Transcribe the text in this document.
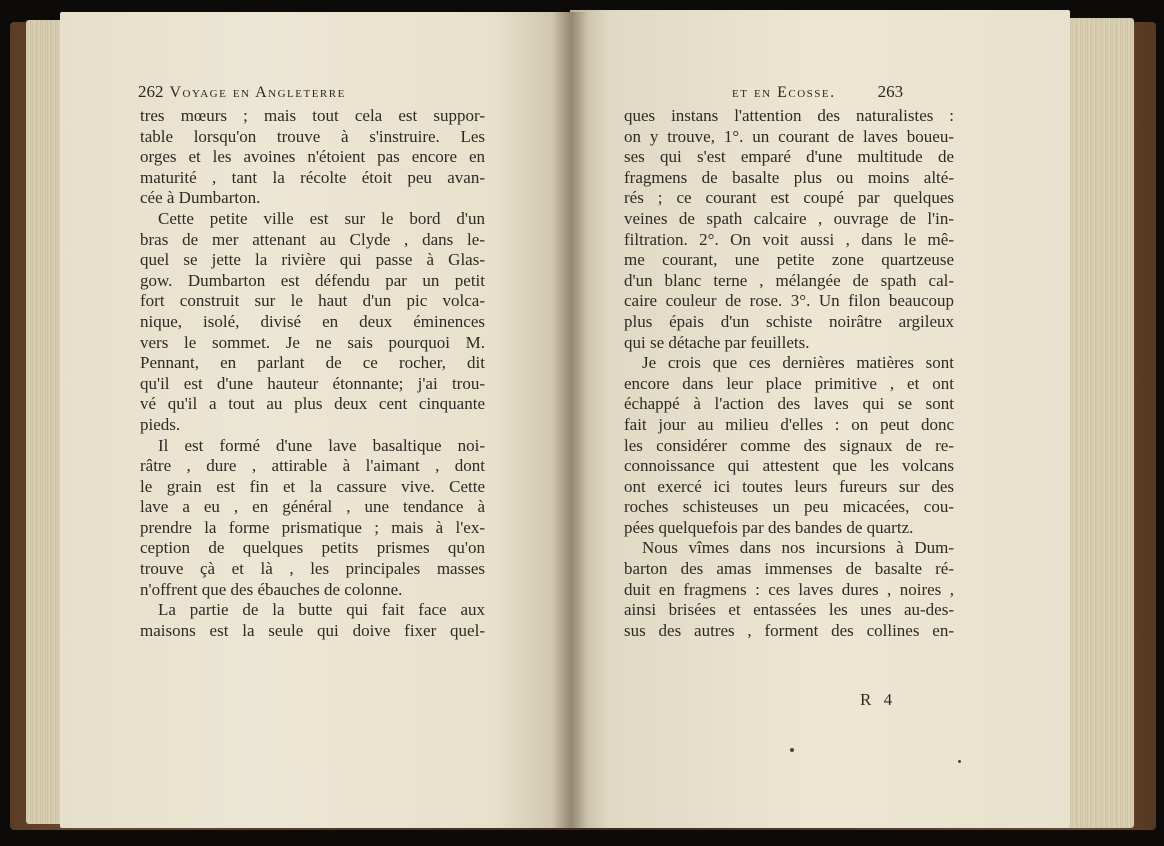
262 Voyage en Angleterre	et en Ecosse. 263
tres mœurs ; mais tout cela est suppor-
table lorsqu'on trouve à s'instruire. Les
orges et les avoines n'étoient pas encore en
maturité , tant la récolte étoit peu avan-
cée à Dumbarton.
Cette petite ville est sur le bord d'un
bras de mer attenant au Clyde , dans le-
quel se jette la rivière qui passe à Glas-
gow. Dumbarton est défendu par un petit
fort construit sur le haut d'un pic volca-
nique, isolé, divisé en deux éminences
vers le sommet. Je ne sais pourquoi M.
Pennant, en parlant de ce rocher, dit
qu'il est d'une hauteur étonnante; j'ai trou-
vé qu'il a tout au plus deux cent cinquante
pieds.
Il est formé d'une lave basaltique noi-
râtre , dure , attirable à l'aimant , dont
le grain est fin et la cassure vive. Cette
lave a eu , en général , une tendance à
prendre la forme prismatique ; mais à l'ex-
ception de quelques petits prismes qu'on
trouve çà et là , les principales masses
n'offrent que des ébauches de colonne.
La partie de la butte qui fait face aux
maisons est la seule qui doive fixer quel-
ques instans l'attention des naturalistes :
on y trouve, 1°. un courant de laves boueu-
ses qui s'est emparé d'une multitude de
fragmens de basalte plus ou moins alté-
rés ; ce courant est coupé par quelques
veines de spath calcaire , ouvrage de l'in-
filtration. 2°. On voit aussi , dans le mê-
me courant, une petite zone quartzeuse
d'un blanc terne , mélangée de spath cal-
caire couleur de rose. 3°. Un filon beaucoup
plus épais d'un schiste noirâtre argileux
qui se détache par feuillets.
Je crois que ces dernières matières sont
encore dans leur place primitive , et ont
échappé à l'action des laves qui se sont
fait jour au milieu d'elles : on peut donc
les considérer comme des signaux de re-
connoissance qui attestent que les volcans
ont exercé ici toutes leurs fureurs sur des
roches schisteuses un peu micacées, cou-
pées quelquefois par des bandes de quartz.
Nous vîmes dans nos incursions à Dum-
barton des amas immenses de basalte ré-
duit en fragmens : ces laves dures , noires ,
ainsi brisées et entassées les unes au-des-
sus des autres , forment des collines en-
R 4
